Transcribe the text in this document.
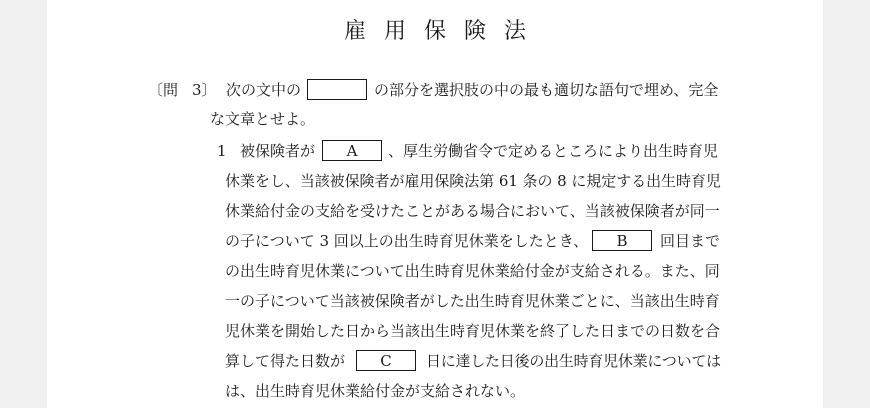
雇用保険法
〔問 3〕 次の文中の	の部分を選択肢の中の最も適切な語句で埋め、完全
な文章とせよ。
1 被保険者が	A	、厚生労働省令で定めるところにより出生時育児
休業をし、当該被保険者が雇用保険法第 61 条の 8 に規定する出生時育児
休業給付金の支給を受けたことがある場合において、当該被保険者が同一
の子について 3 回以上の出生時育児休業をしたとき、	B	回目まで
の出生時育児休業について出生時育児休業給付金が支給される。また、同
一の子について当該被保険者がした出生時育児休業ごとに、当該出生時育
児休業を開始した日から当該出生時育児休業を終了した日までの日数を合
算して得た日数が	C	日に達した日後の出生時育児休業については
は、出生時育児休業給付金が支給されない。
